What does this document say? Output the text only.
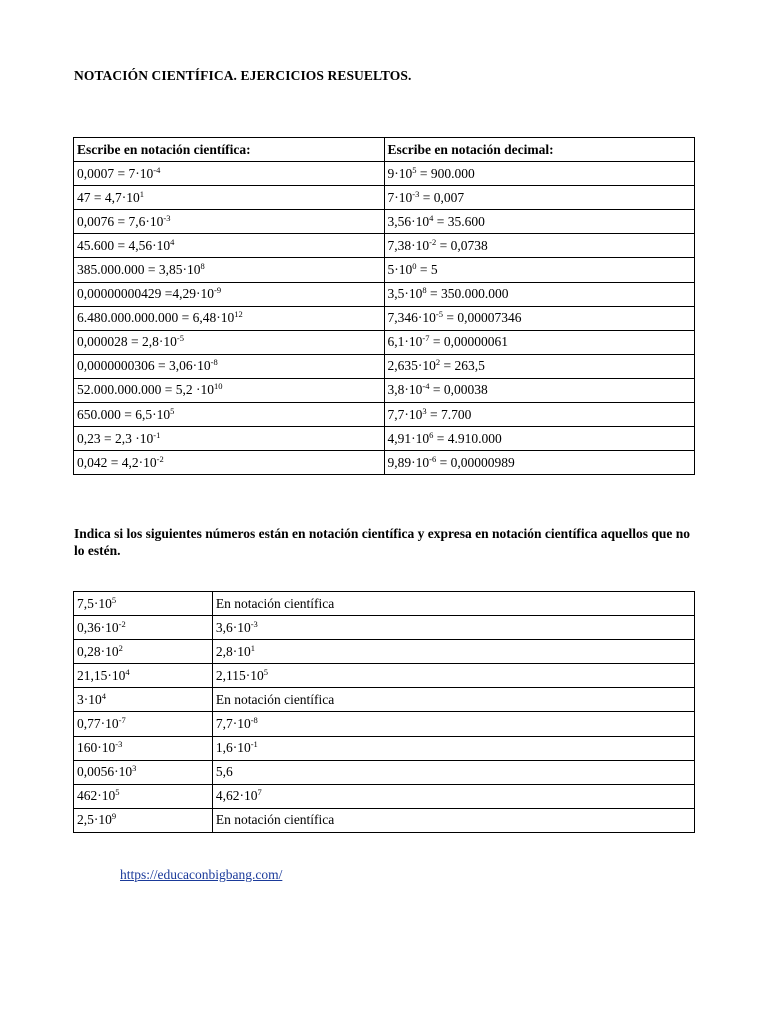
NOTACIÓN CIENTÍFICA. EJERCICIOS RESUELTOS.
Escribe en notación científica:	Escribe en notación decimal:
$0,0007 = 7\cdot 10^{-4}$	$9\cdot 10^5 = 900.000$
$47 = 4,7\cdot 10^1$	$7\cdot 10^{-3} = 0,007$
$0,0076 = 7,6\cdot 10^{-3}$	$3,56\cdot 10^4 = 35.600$
$45.600 = 4,56\cdot 10^4$	$7,38\cdot 10^{-2} = 0,0738$
$385.000.000 = 3,85\cdot 10^8$	$5\cdot 10^0 = 5$
$0,00000000429 =4,29\cdot 10^{-9}$	$3,5\cdot 10^8 = 350.000.000$
$6.480.000.000.000 = 6,48\cdot 10^{12}$	$7,346\cdot 10^{-5} = 0,00007346$
$0,000028 = 2,8\cdot 10^{-5}$	$6,1\cdot 10^{-7} = 0,00000061$
$0,0000000306 = 3,06\cdot 10^{-8}$	$2,635\cdot 10^2 = 263,5$
$52.000.000.000 = 5,2 \cdot 10^{10}$	$3,8\cdot 10^{-4} = 0,00038$
$650.000 = 6,5\cdot 10^5$	$7,7\cdot 10^3 = 7.700$
$0,23 = 2,3 \cdot 10^{-1}$	$4,91\cdot 10^6 = 4.910.000$
$0,042 = 4,2\cdot 10^{-2}$	$9,89\cdot 10^{-6} = 0,00000989$
Indica si los siguientes números están en notación científica y expresa en notación científica aquellos que no lo estén.
$7,5\cdot 10^5$	En notación científica
$0,36\cdot 10^{-2}$	$3,6\cdot 10^{-3}$
$0,28\cdot 10^2$	$2,8\cdot 10^1$
$21,15\cdot 10^4$	$2,115\cdot 10^5$
$3\cdot 10^4$	En notación científica
$0,77\cdot 10^{-7}$	$7,7\cdot 10^{-8}$
$160\cdot 10^{-3}$	$1,6\cdot 10^{-1}$
$0,0056\cdot 10^3$	5,6
$462\cdot 10^5$	$4,62\cdot 10^7$
$2,5\cdot 10^9$	En notación científica
https://educaconbigbang.com/
